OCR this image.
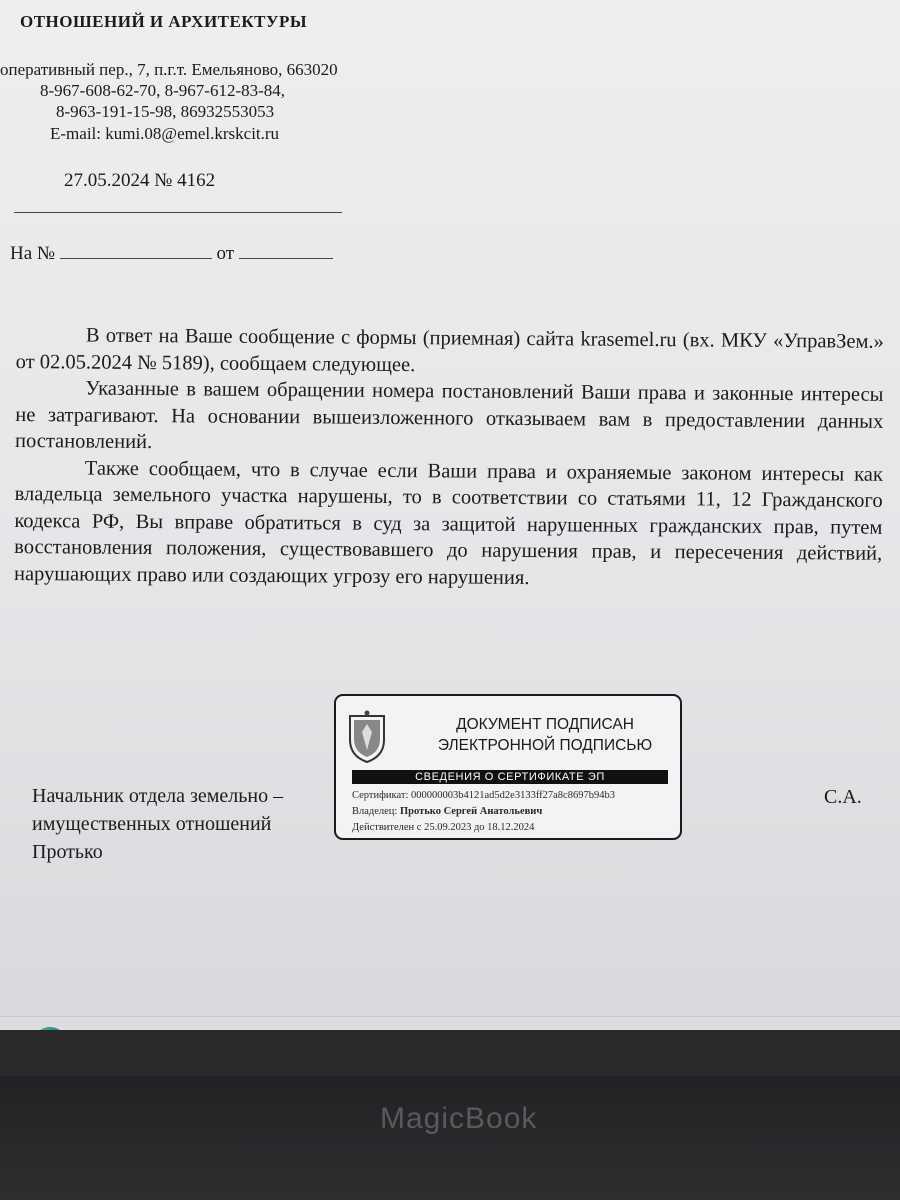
ОТНОШЕНИЙ И АРХИТЕКТУРЫ
оперативный пер., 7, п.г.т. Емельяново, 663020
8-967-608-62-70, 8-967-612-83-84,
8-963-191-15-98, 86932553053
E-mail: kumi.08@emel.krskcit.ru
27.05.2024 № 4162
На №	от

В ответ на Ваше сообщение с формы (приемная) сайта krasemel.ru (вх. МКУ «УправЗем.» от 02.05.2024 № 5189), сообщаем следующее.

Указанные в вашем обращении номера постановлений Ваши права и законные интересы не затрагивают. На основании вышеизложенного отказываем вам в предоставлении данных постановлений.

Также сообщаем, что в случае если Ваши права и охраняемые законом интересы как владельца земельного участка нарушены, то в соответствии со статьями 11, 12 Гражданского кодекса РФ, Вы вправе обратиться в суд за защитой нарушенных гражданских прав, путем восстановления положения, существовавшего до нарушения прав, и пересечения действий, нарушающих право или создающих угрозу его нарушения.

Начальник отдела земельно –
имущественных отношений
Протько
С.А.
ДОКУМЕНТ ПОДПИСАН
ЭЛЕКТРОННОЙ ПОДПИСЬЮ
СВЕДЕНИЯ О СЕРТИФИКАТЕ ЭП
Сертификат: 000000003b4121ad5d2e3133ff27a8c8697b94b3
Владелец: Протько Сергей Анатольевич
Действителен с 25.09.2023 до 18.12.2024
MagicBook
